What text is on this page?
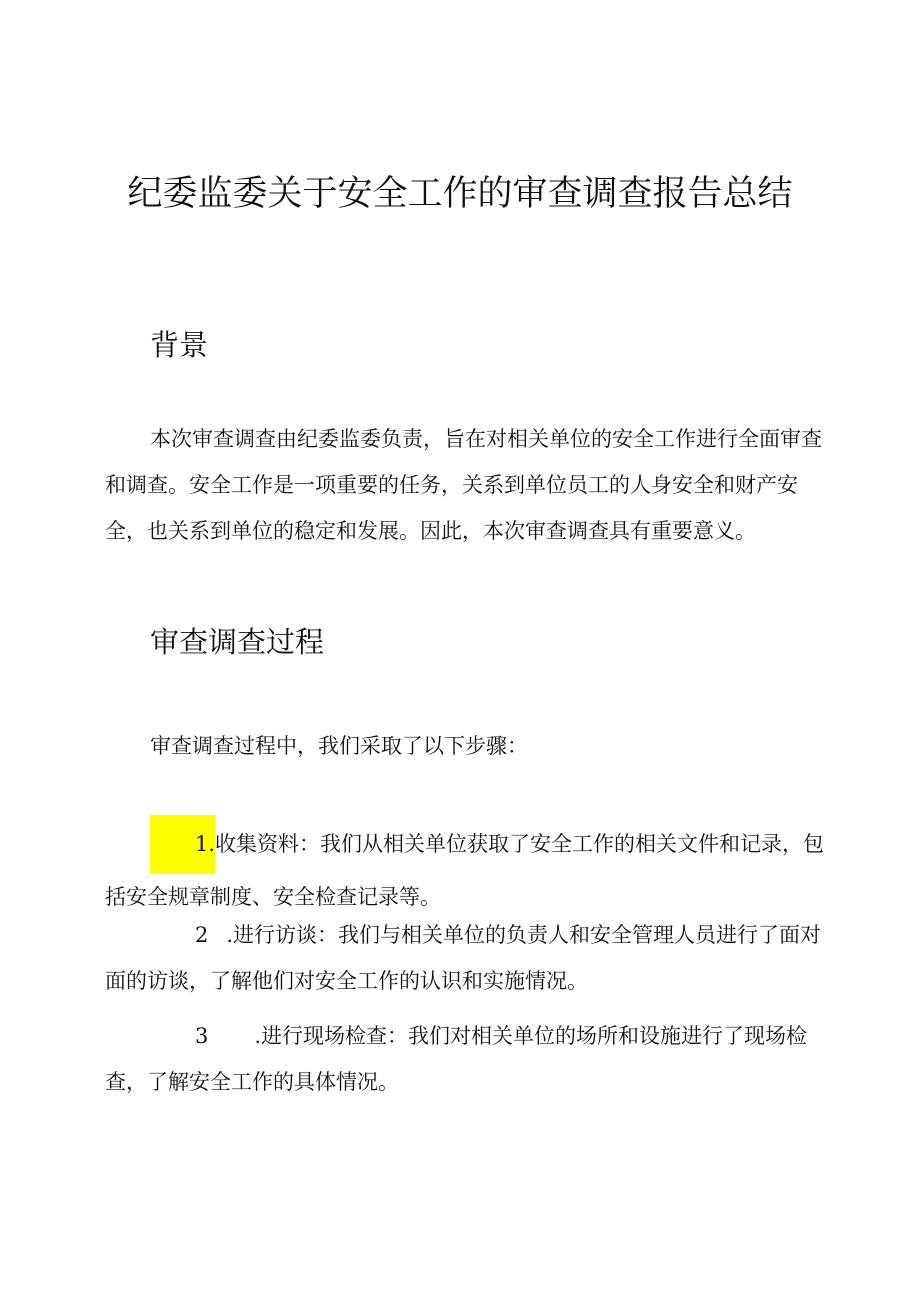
纪委监委关于安全工作的审查调查报告总结
背景

本次审查调查由纪委监委负责，旨在对相关单位的安全工作进行全面审查和调查。安全工作是一项重要的任务，关系到单位员工的人身安全和财产安全，也关系到单位的稳定和发展。因此，本次审查调查具有重要意义。

审查调查过程

审查调查过程中，我们采取了以下步骤：

1.收集资料：我们从相关单位获取了安全工作的相关文件和记录，包括安全规章制度、安全检查记录等。

2 .进行访谈：我们与相关单位的负责人和安全管理人员进行了面对面的访谈，了解他们对安全工作的认识和实施情况。

3 .进行现场检查：我们对相关单位的场所和设施进行了现场检查，了解安全工作的具体情况。
